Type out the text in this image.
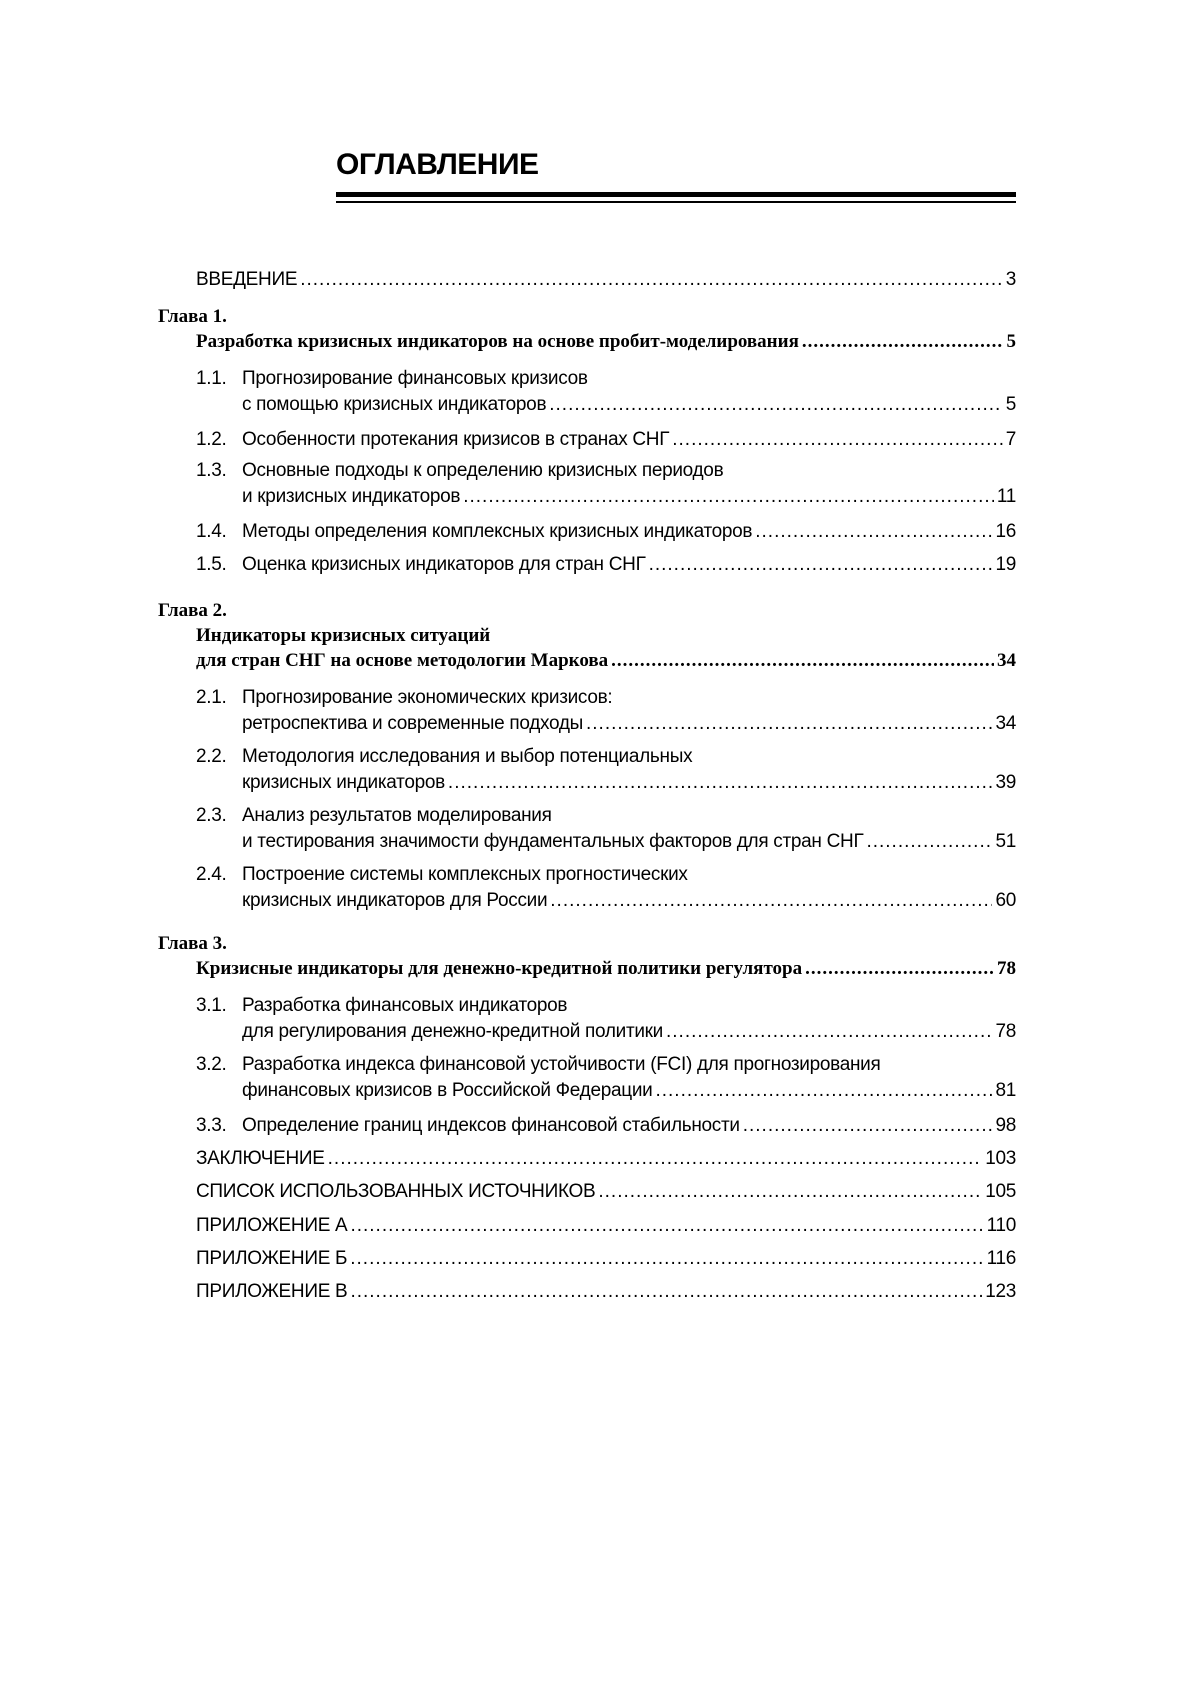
ОГЛАВЛЕНИЕ
ВВЕДЕНИЕ .....	3
Глава 1.
Разработка кризисных индикаторов на основе пробит-моделирования .....	5
1.1. Прогнозирование финансовых кризисов
с помощью кризисных индикаторов .....	5
1.2. Особенности протекания кризисов в странах СНГ .....	7
1.3. Основные подходы к определению кризисных периодов
и кризисных индикаторов .....	11
1.4. Методы определения комплексных кризисных индикаторов .....	16
1.5. Оценка кризисных индикаторов для стран СНГ .....	19
Глава 2.
Индикаторы кризисных ситуаций
для стран СНГ на основе методологии Маркова .....	34
2.1. Прогнозирование экономических кризисов:
ретроспектива и современные подходы .....	34
2.2. Методология исследования и выбор потенциальных
кризисных индикаторов .....	39
2.3. Анализ результатов моделирования
и тестирования значимости фундаментальных факторов для стран СНГ .....	51
2.4. Построение системы комплексных прогностических
кризисных индикаторов для России .....	60
Глава 3.
Кризисные индикаторы для денежно-кредитной политики регулятора .....	78
3.1. Разработка финансовых индикаторов
для регулирования денежно-кредитной политики .....	78
3.2. Разработка индекса финансовой устойчивости (FCI) для прогнозирования
финансовых кризисов в Российской Федерации .....	81
3.3. Определение границ индексов финансовой стабильности .....	98
ЗАКЛЮЧЕНИЕ .....	103
СПИСОК ИСПОЛЬЗОВАННЫХ ИСТОЧНИКОВ .....	105
ПРИЛОЖЕНИЕ А .....	110
ПРИЛОЖЕНИЕ Б .....	116
ПРИЛОЖЕНИЕ В .....	123
